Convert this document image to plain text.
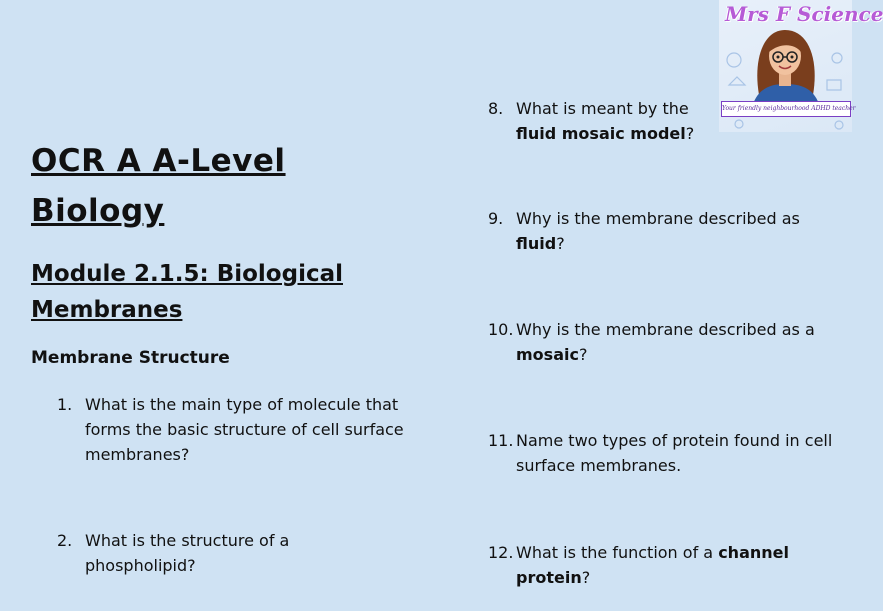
Mrs F Science
Your friendly neighbourhood ADHD teacher
OCR A A-Level
Biology
Module 2.1.5: Biological
Membranes
Membrane Structure
1. What is the main type of molecule that forms the basic structure of cell surface membranes?
2. What is the structure of a phospholipid?
8. What is meant by the
fluid mosaic model?
9. Why is the membrane described as
fluid?
10. Why is the membrane described as a
mosaic?
11. Name two types of protein found in cell surface membranes.
12. What is the function of a channel protein?
